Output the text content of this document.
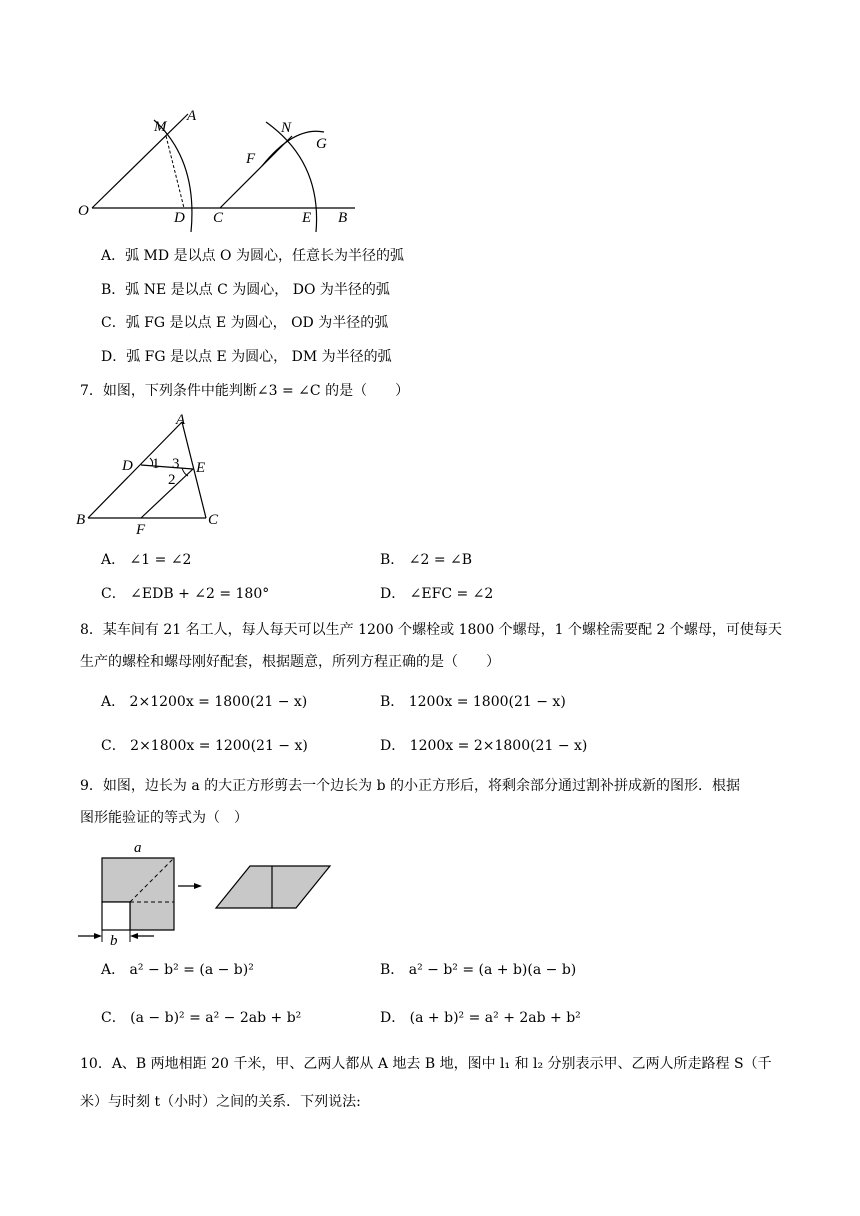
O
M
A
D C
N
G
F
E B
A．弧 MD 是以点 O 为圆心，任意长为半径的弧
B．弧 NE 是以点 C 为圆心， DO 为半径的弧
C．弧 FG 是以点 E 为圆心， OD 为半径的弧
D．弧 FG 是以点 E 为圆心， DM 为半径的弧
7．如图，下列条件中能判断∠3 = ∠C 的是（　　）
A
D	E
B
F
C
1 3
2
A． ∠1 = ∠2	B． ∠2 = ∠B
C． ∠EDB + ∠2 = 180°	D． ∠EFC = ∠2
8．某车间有 21 名工人，每人每天可以生产 1200 个螺栓或 1800 个螺母，1 个螺栓需要配 2 个螺母，可使每天
生产的螺栓和螺母刚好配套，根据题意，所列方程正确的是（　　）
A． 2×1200x = 1800(21 − x)	B． 1200x = 1800(21 − x)
C． 2×1800x = 1200(21 − x)	D． 1200x = 2×1800(21 − x)
9．如图，边长为 a 的大正方形剪去一个边长为 b 的小正方形后，将剩余部分通过割补拼成新的图形．根据
图形能验证的等式为（　）
a
b
A． a² − b² = (a − b)²	B． a² − b² = (a + b)(a − b)
C． (a − b)² = a² − 2ab + b²	D． (a + b)² = a² + 2ab + b²
10．A、B 两地相距 20 千米，甲、乙两人都从 A 地去 B 地，图中 l₁ 和 l₂ 分别表示甲、乙两人所走路程 S（千
米）与时刻 t（小时）之间的关系．下列说法:
